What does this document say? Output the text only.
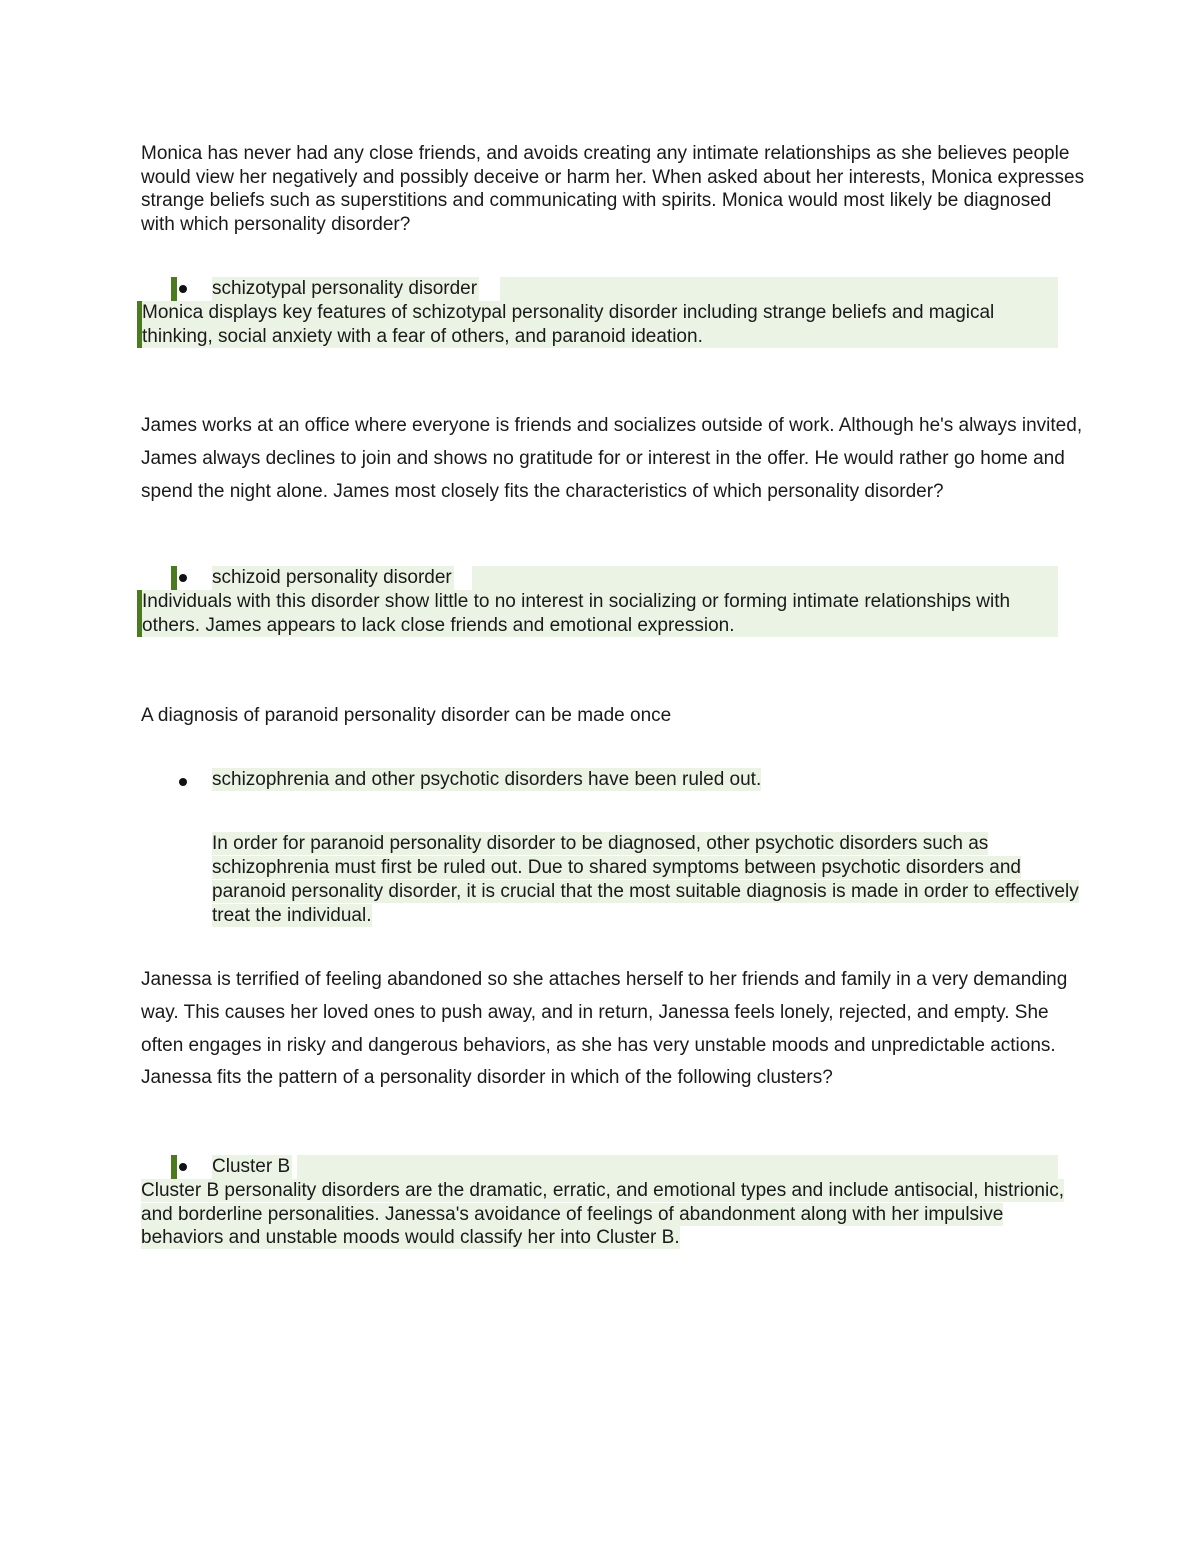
Monica has never had any close friends, and avoids creating any intimate relationships as she believes people would view her negatively and possibly deceive or harm her. When asked about her interests, Monica expresses strange beliefs such as superstitions and communicating with spirits. Monica would most likely be diagnosed with which personality disorder?

schizotypal personality disorder
Monica displays key features of schizotypal personality disorder including strange beliefs and magical thinking, social anxiety with a fear of others, and paranoid ideation.

James works at an office where everyone is friends and socializes outside of work. Although he's always invited, James always declines to join and shows no gratitude for or interest in the offer. He would rather go home and spend the night alone. James most closely fits the characteristics of which personality disorder?

schizoid personality disorder
Individuals with this disorder show little to no interest in socializing or forming intimate relationships with others. James appears to lack close friends and emotional expression.

A diagnosis of paranoid personality disorder can be made once

schizophrenia and other psychotic disorders have been ruled out.
In order for paranoid personality disorder to be diagnosed, other psychotic disorders such as schizophrenia must first be ruled out. Due to shared symptoms between psychotic disorders and paranoid personality disorder, it is crucial that the most suitable diagnosis is made in order to effectively treat the individual.

Janessa is terrified of feeling abandoned so she attaches herself to her friends and family in a very demanding way. This causes her loved ones to push away, and in return, Janessa feels lonely, rejected, and empty. She often engages in risky and dangerous behaviors, as she has very unstable moods and unpredictable actions. Janessa fits the pattern of a personality disorder in which of the following clusters?

Cluster B
Cluster B personality disorders are the dramatic, erratic, and emotional types and include antisocial, histrionic, and borderline personalities. Janessa's avoidance of feelings of abandonment along with her impulsive behaviors and unstable moods would classify her into Cluster B.
